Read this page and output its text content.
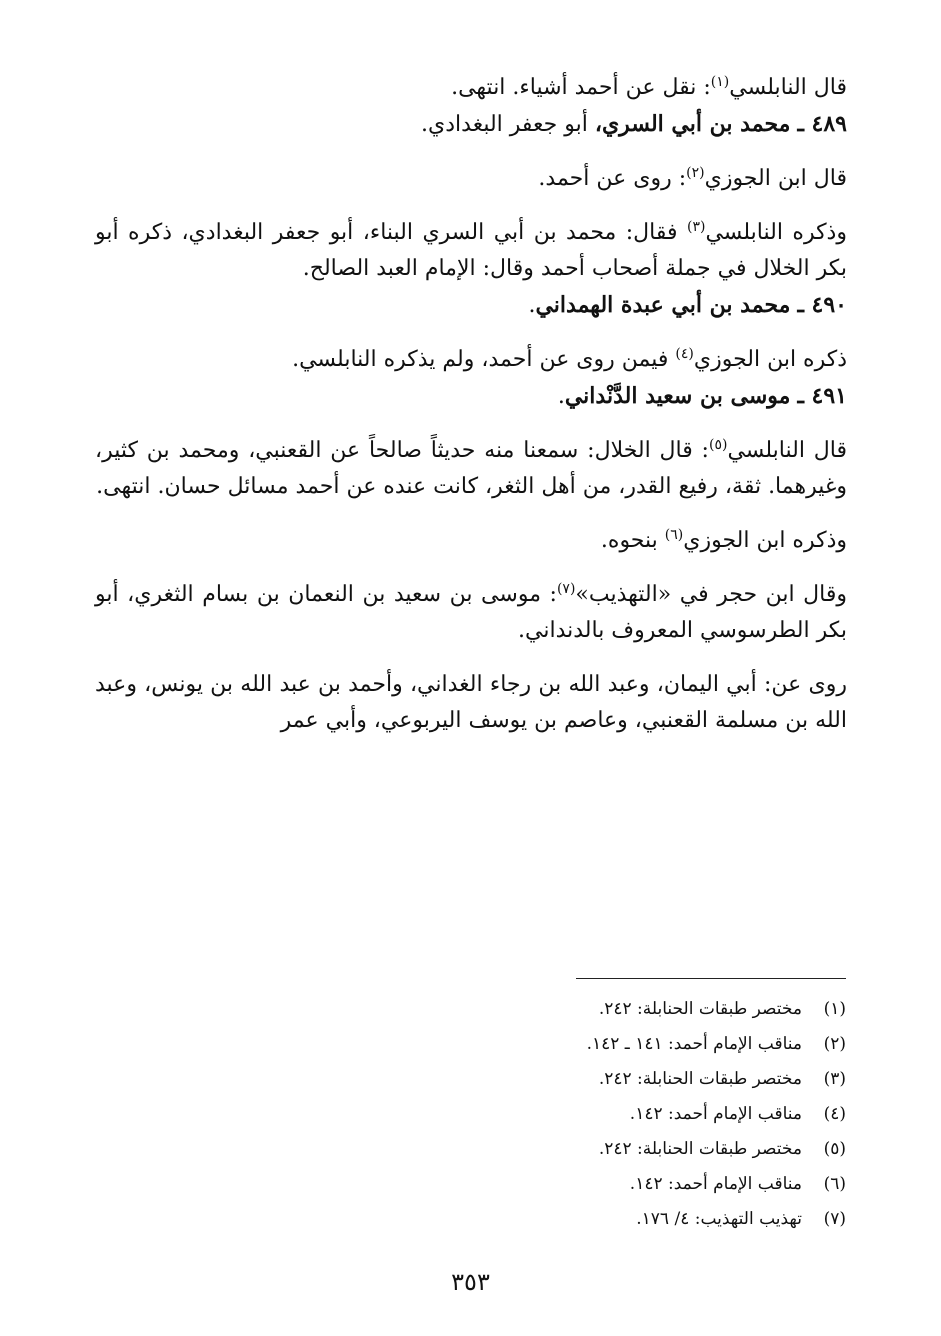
قال النابلسي$^{(١)}$: نقل عن أحمد أشياء. انتهى.

٤٨٩ ـ محمد بن أبي السري، أبو جعفر البغدادي.

قال ابن الجوزي$^{(٢)}$: روى عن أحمد.

وذكره النابلسي$^{(٣)}$ فقال: محمد بن أبي السري البناء، أبو جعفر البغدادي، ذكره أبو بكر الخلال في جملة أصحاب أحمد وقال: الإمام العبد الصالح.

٤٩٠ ـ محمد بن أبي عبدة الهمداني.

ذكره ابن الجوزي$^{(٤)}$ فيمن روى عن أحمد، ولم يذكره النابلسي.

٤٩١ ـ موسى بن سعيد الدَّنْداني.

قال النابلسي$^{(٥)}$: قال الخلال: سمعنا منه حديثاً صالحاً عن القعنبي، ومحمد بن كثير، وغيرهما. ثقة، رفيع القدر، من أهل الثغر، كانت عنده عن أحمد مسائل حسان. انتهى.

وذكره ابن الجوزي$^{(٦)}$ بنحوه.

وقال ابن حجر في «التهذيب»$^{(٧)}$: موسى بن سعيد بن النعمان بن بسام الثغري، أبو بكر الطرسوسي المعروف بالدنداني.

روى عن: أبي اليمان، وعبد الله بن رجاء الغداني، وأحمد بن عبد الله بن يونس، وعبد الله بن مسلمة القعنبي، وعاصم بن يوسف اليربوعي، وأبي عمر

(١)
مختصر طبقات الحنابلة: ٢٤٢.
(٢)
مناقب الإمام أحمد: ١٤١ ـ ١٤٢.
(٣)
مختصر طبقات الحنابلة: ٢٤٢.
(٤)
مناقب الإمام أحمد: ١٤٢.
(٥)
مختصر طبقات الحنابلة: ٢٤٢.
(٦)
مناقب الإمام أحمد: ١٤٢.
(٧)
تهذيب التهذيب: ٤/ ١٧٦.
٣٥٣
